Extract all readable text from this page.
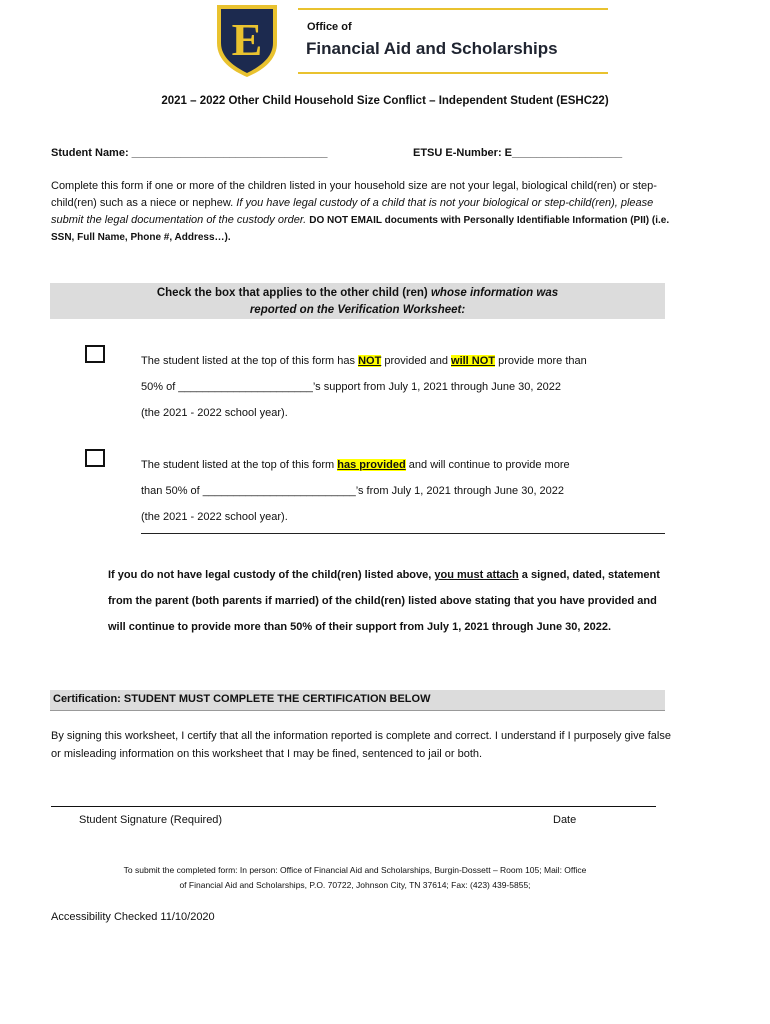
E	Office of
Financial Aid and Scholarships
2021 – 2022 Other Child Household Size Conflict – Independent Student (ESHC22)
Student Name: ________________________________	ETSU E-Number: E__________________
Complete this form if one or more of the children listed in your household size are not your legal, biological child(ren) or step-child(ren) such as a niece or nephew. If you have legal custody of a child that is not your biological or step-child(ren), please submit the legal documentation of the custody order. DO NOT EMAIL documents with Personally Identifiable Information (PII) (i.e. SSN, Full Name, Phone #, Address…).
Check the box that applies to the other child (ren) whose information was
reported on the Verification Worksheet:
The student listed at the top of this form has NOT provided and will NOT provide more than
50% of ______________________’s support from July 1, 2021 through June 30, 2022
(the 2021 - 2022 school year).
The student listed at the top of this form has provided and will continue to provide more
than 50% of _________________________’s from July 1, 2021 through June 30, 2022
(the 2021 - 2022 school year).
If you do not have legal custody of the child(ren) listed above, you must attach a signed, dated, statement from the parent (both parents if married) of the child(ren) listed above stating that you have provided and will continue to provide more than 50% of their support from July 1, 2021 through June 30, 2022.
Certification: STUDENT MUST COMPLETE THE CERTIFICATION BELOW
By signing this worksheet, I certify that all the information reported is complete and correct. I understand if I purposely give false or misleading information on this worksheet that I may be fined, sentenced to jail or both.
Student Signature (Required)	Date
To submit the completed form: In person: Office of Financial Aid and Scholarships, Burgin-Dossett – Room 105; Mail: Office of Financial Aid and Scholarships, P.O. 70722, Johnson City, TN 37614; Fax: (423) 439-5855;
Accessibility Checked 11/10/2020
